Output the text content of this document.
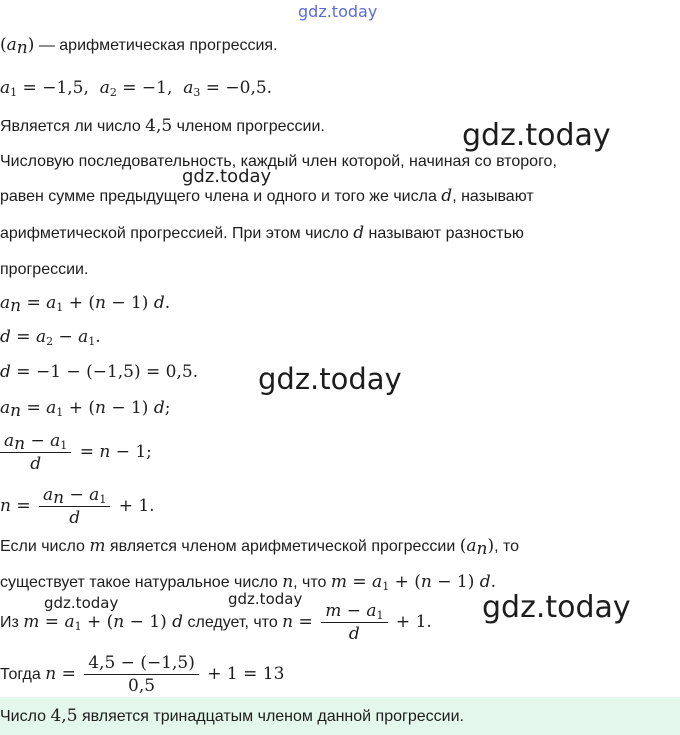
gdz.today
gdz.today
gdz.today
gdz.today
gdz.today	gdz.today	gdz.today
$(a_n)$ — арифметическая прогрессия.
$a_1 = -1,5$,  $a_2 = -1$,  $a_3 = -0,5$.
Является ли число 4,5 членом прогрессии.
Числовую последовательность, каждый член которой, начиная со второго,
равен сумме предыдущего члена и одного и того же числа d, называют
арифметической прогрессией. При этом число d называют разностью
прогрессии.
$a_n = a_1 + (n - 1)$ d.
$d = a_2 - a_1$.
d = −1 − (−1,5) = 0,5.
$a_n = a_1 + (n - 1)$ d;
$\frac{a_n - a_1}{d} = n - 1$;
$n = \frac{a_n - a_1}{d} + 1$.
Если число m является членом арифметической прогрессии $(a_n)$, то
существует такое натуральное число n, что $m = a_1 + (n - 1)$ d.
Из $m = a_1 + (n - 1)$ d следует, что $n = \frac{m - a_1}{d} + 1$.
Тогда $n = \frac{4,5 - (-1,5)}{0,5} + 1 = 13$
Число 4,5 является тринадцатым членом данной прогрессии.
